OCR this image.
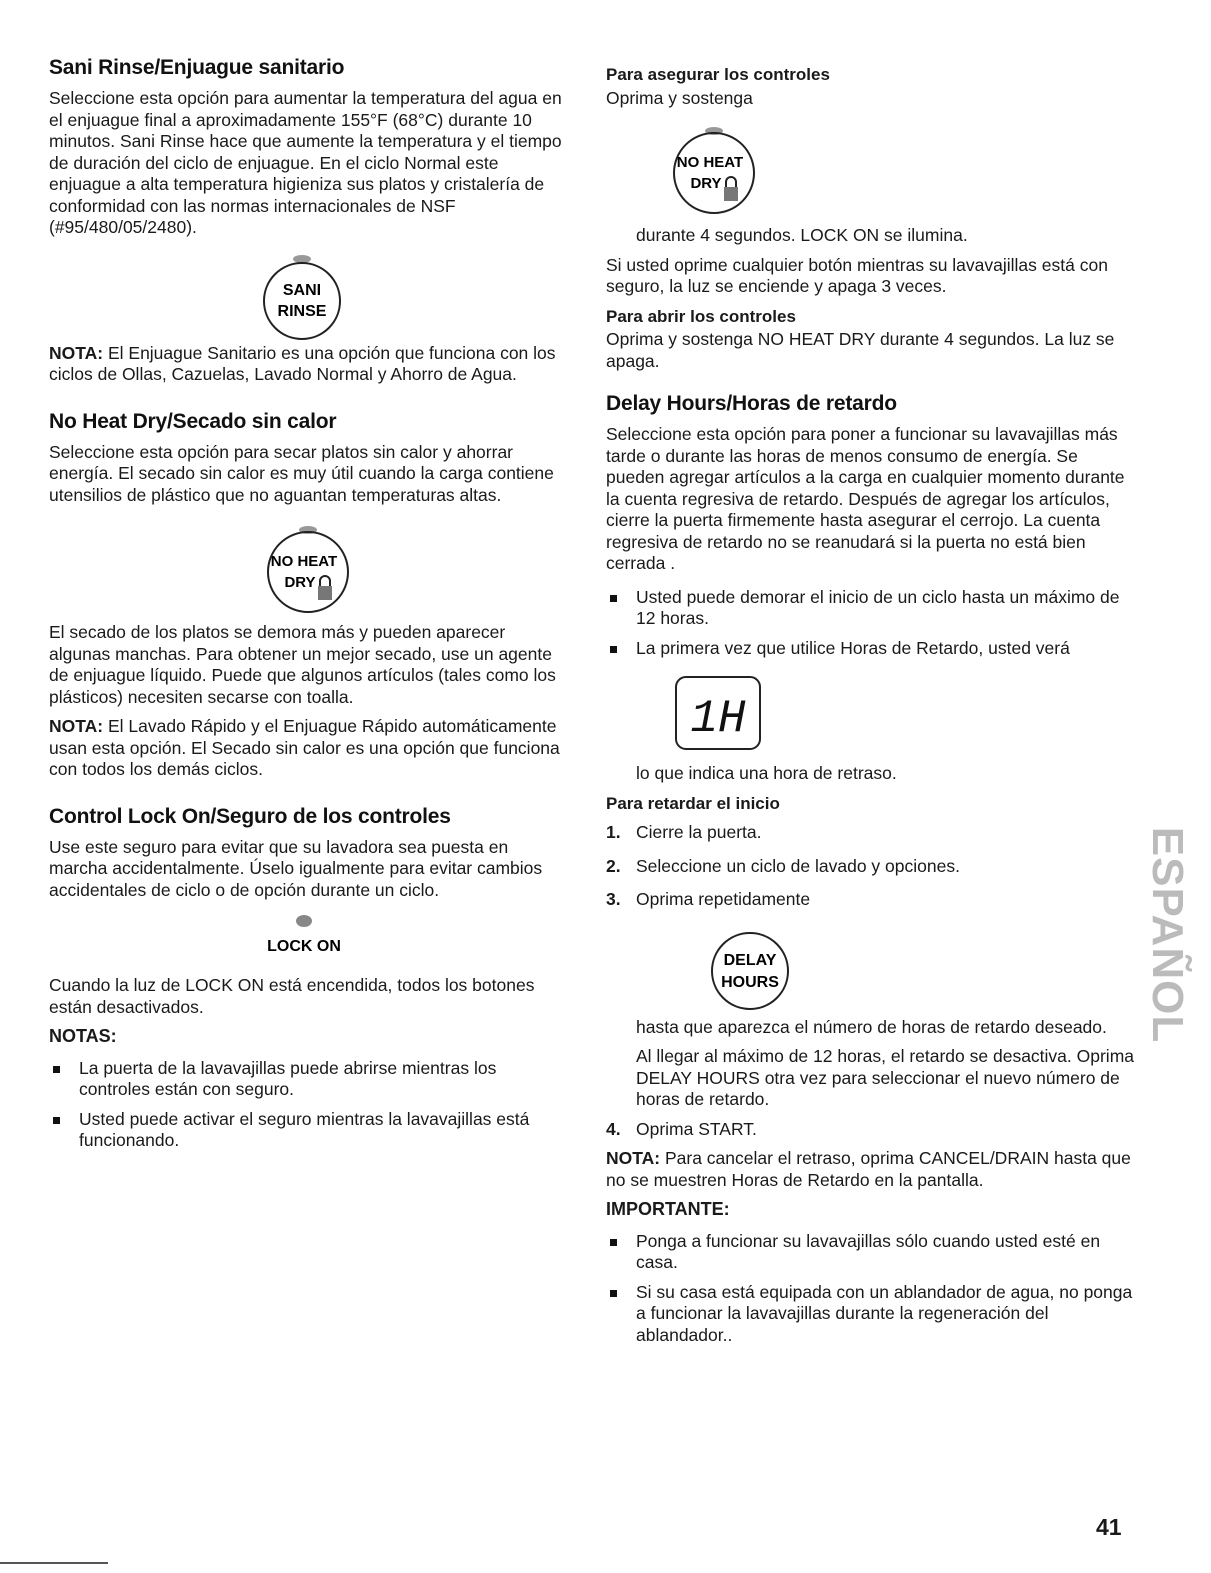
Sani Rinse/Enjuague sanitario

Seleccione esta opción para aumentar la temperatura del agua en el enjuague final a aproximadamente 155°F (68°C) durante 10 minutos. Sani Rinse hace que aumente la temperatura y el tiempo de duración del ciclo de enjuague. En el ciclo Normal este enjuague a alta temperatura higieniza sus platos y cristalería de conformidad con las normas internacionales de NSF (#95/480/05/2480).

SANI
RINSE

NOTA: El Enjuague Sanitario es una opción que funciona con los ciclos de Ollas, Cazuelas, Lavado Normal y Ahorro de Agua.

No Heat Dry/Secado sin calor

Seleccione esta opción para secar platos sin calor y ahorrar energía. El secado sin calor es muy útil cuando la carga contiene utensilios de plástico que no aguantan temperaturas altas.

NO HEAT
DRY

El secado de los platos se demora más y pueden aparecer algunas manchas. Para obtener un mejor secado, use un agente de enjuague líquido. Puede que algunos artículos (tales como los plásticos) necesiten secarse con toalla.

NOTA: El Lavado Rápido y el Enjuague Rápido automáticamente usan esta opción. El Secado sin calor es una opción que funciona con todos los demás ciclos.

Control Lock On/Seguro de los controles

Use este seguro para evitar que su lavadora sea puesta en marcha accidentalmente. Úselo igualmente para evitar cambios accidentales de ciclo o de opción durante un ciclo.

LOCK ON

Cuando la luz de LOCK ON está encendida, todos los botones están desactivados.

NOTAS:

La puerta de la lavavajillas puede abrirse mientras los controles están con seguro.

Usted puede activar el seguro mientras la lavavajillas está funcionando.

Para asegurar los controles

Oprima y sostenga

NO HEAT
DRY

durante 4 segundos. LOCK ON se ilumina.

Si usted oprime cualquier botón mientras su lavavajillas está con seguro, la luz se enciende y apaga 3 veces.

Para abrir los controles

Oprima y sostenga NO HEAT DRY durante 4 segundos. La luz se apaga.

Delay Hours/Horas de retardo

Seleccione esta opción para poner a funcionar su lavavajillas más tarde o durante las horas de menos consumo de energía. Se pueden agregar artículos a la carga en cualquier momento durante la cuenta regresiva de retardo. Después de agregar los artículos, cierre la puerta firmemente hasta asegurar el cerrojo. La cuenta regresiva de retardo no se reanudará si la puerta no está bien cerrada .

Usted puede demorar el inicio de un ciclo hasta un máximo de 12 horas.

La primera vez que utilice Horas de Retardo, usted verá

1H

lo que indica una hora de retraso.

Para retardar el inicio

1. Cierre la puerta.

2. Seleccione un ciclo de lavado y opciones.

3. Oprima repetidamente

DELAY
HOURS

hasta que aparezca el número de horas de retardo deseado.

Al llegar al máximo de 12 horas, el retardo se desactiva. Oprima DELAY HOURS otra vez para seleccionar el nuevo número de horas de retardo.

4. Oprima START.

NOTA: Para cancelar el retraso, oprima CANCEL/DRAIN hasta que no se muestren Horas de Retardo en la pantalla.

IMPORTANTE:

Ponga a funcionar su lavavajillas sólo cuando usted esté en casa.

Si su casa está equipada con un ablandador de agua, no ponga a funcionar la lavavajillas durante la regeneración del ablandador..

ESPAÑOL
41
